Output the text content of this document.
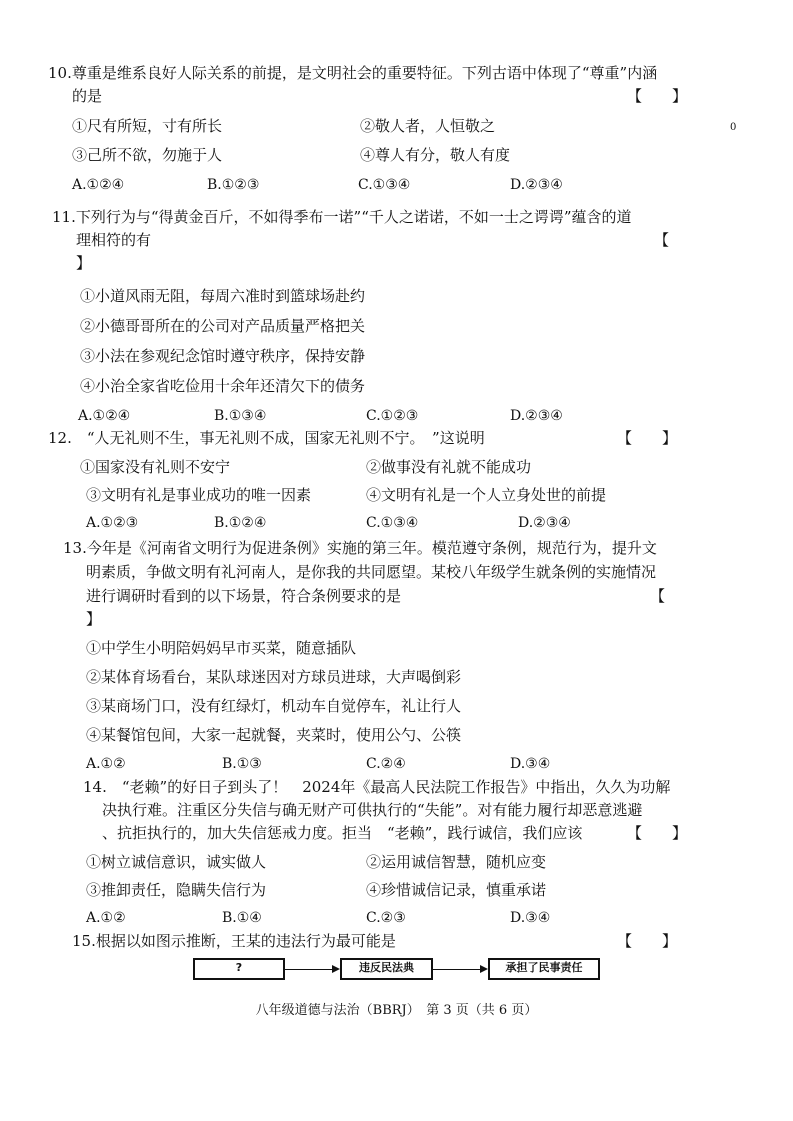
10.尊重是维系良好人际关系的前提，是文明社会的重要特征。下列古语中体现了“尊重”内涵
的是	【　　】
①尺有所短，寸有所长	②敬人者，人恒敬之	0
③己所不欲，勿施于人	④尊人有分，敬人有度
A.①②④	B.①②③	C.①③④	D.②③④
11.下列行为与“得黄金百斤，不如得季布一诺”“千人之诺诺，不如一士之谔谔”蕴含的道
理相符的有	【
】
①小道风雨无阻，每周六准时到篮球场赴约
②小德哥哥所在的公司对产品质量严格把关
③小法在参观纪念馆时遵守秩序，保持安静
④小治全家省吃俭用十余年还清欠下的债务
A.①②④	B.①③④	C.①②③	D.②③④
12.　“人无礼则不生，事无礼则不成，国家无礼则不宁。　”这说明	【　　】
①国家没有礼则不安宁	②做事没有礼就不能成功
③文明有礼是事业成功的唯一因素	④文明有礼是一个人立身处世的前提
A.①②③	B.①②④	C.①③④	D.②③④
13.今年是《河南省文明行为促进条例》实施的第三年。模范遵守条例，规范行为，提升文
明素质，争做文明有礼河南人，是你我的共同愿望。某校八年级学生就条例的实施情况
进行调研时看到的以下场景，符合条例要求的是	【
】
①中学生小明陪妈妈早市买菜，随意插队
②某体育场看台，某队球迷因对方球员进球，大声喝倒彩
③某商场门口，没有红绿灯，机动车自觉停车，礼让行人
④某餐馆包间，大家一起就餐，夹菜时，使用公勺、公筷
A.①②	B.①③	C.②④	D.③④
14.　“老赖”的好日子到头了！　2024年《最高人民法院工作报告》中指出，久久为功解
决执行难。注重区分失信与确无财产可供执行的“失能”。对有能力履行却恶意逃避
、抗拒执行的，加大失信惩戒力度。拒当　“老赖”，践行诚信，我们应该	【　　】
①树立诚信意识，诚实做人	②运用诚信智慧，随机应变
③推卸责任，隐瞒失信行为	④珍惜诚信记录，慎重承诺
A.①②	B.①④	C.②③	D.③④
15.根据以如图示推断，王某的违法行为最可能是	【　　】
?	违反民法典	承担了民事责任
八年级道德与法治（BBRJ）　第 3 页（共 6 页）
